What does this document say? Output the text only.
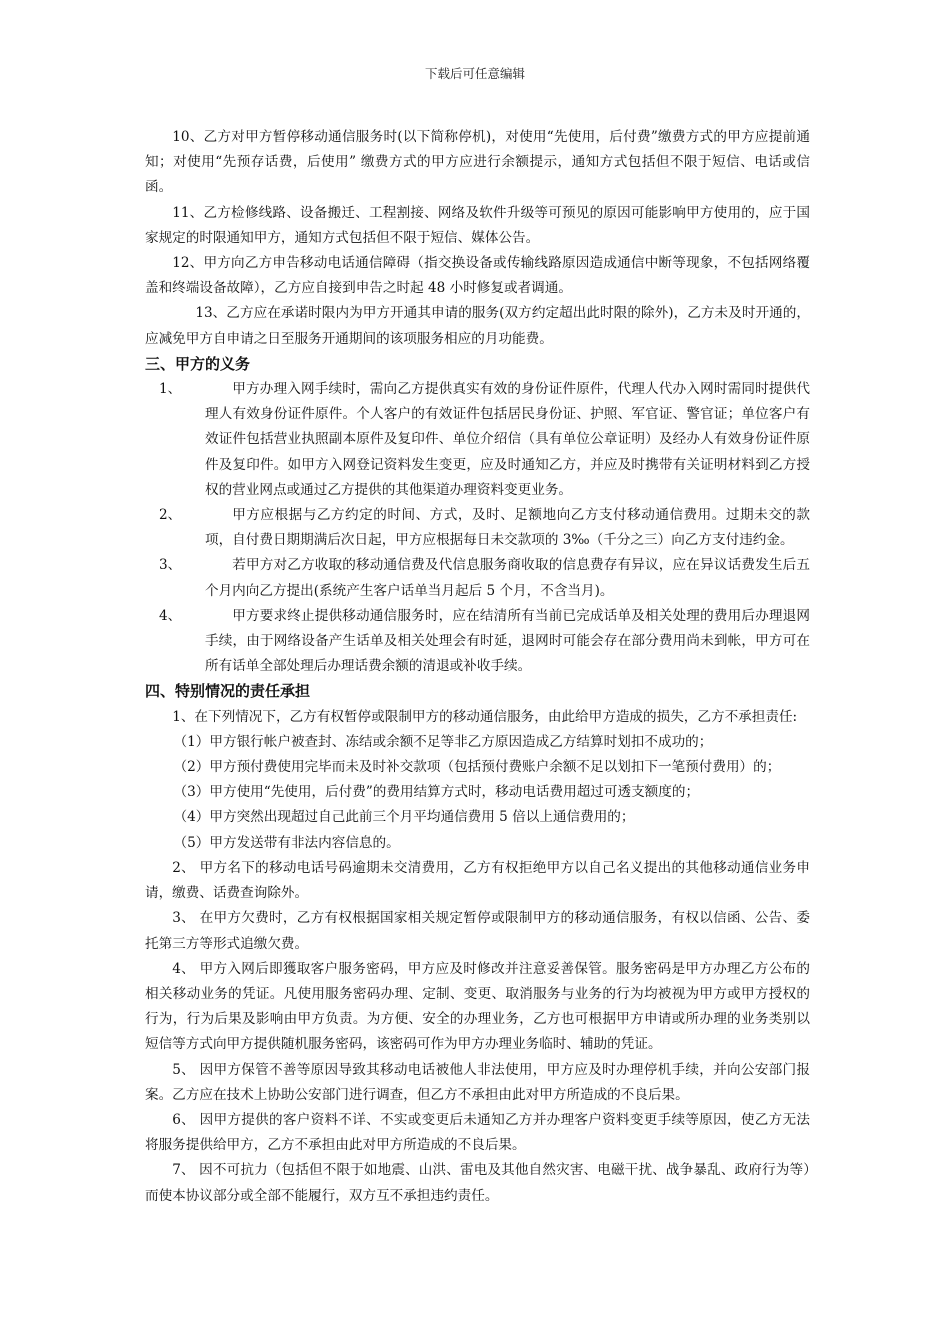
下载后可任意编辑

10、乙方对甲方暂停移动通信服务时(以下简称停机)，对使用“先使用，后付费”缴费方式的甲方应提前通知；对使用“先预存话费，后使用” 缴费方式的甲方应进行余额提示，通知方式包括但不限于短信、电话或信函。

11、乙方检修线路、设备搬迁、工程割接、网络及软件升级等可预见的原因可能影响甲方使用的，应于国家规定的时限通知甲方，通知方式包括但不限于短信、媒体公告。

12、甲方向乙方申告移动电话通信障碍（指交换设备或传输线路原因造成通信中断等现象，不包括网络覆盖和终端设备故障），乙方应自接到申告之时起 48 小时修复或者调通。

13、乙方应在承诺时限内为甲方开通其申请的服务(双方约定超出此时限的除外)，乙方未及时开通的，应减免甲方自申请之日至服务开通期间的该项服务相应的月功能费。

三、甲方的义务
1、	甲方办理入网手续时，需向乙方提供真实有效的身份证件原件，代理人代办入网时需同时提供代理人有效身份证件原件。个人客户的有效证件包括居民身份证、护照、军官证、警官证；单位客户有效证件包括营业执照副本原件及复印件、单位介绍信（具有单位公章证明）及经办人有效身份证件原件及复印件。如甲方入网登记资料发生变更，应及时通知乙方，并应及时携带有关证明材料到乙方授权的营业网点或通过乙方提供的其他渠道办理资料变更业务。
2、	甲方应根据与乙方约定的时间、方式，及时、足额地向乙方支付移动通信费用。过期未交的款项，自付费日期期满后次日起，甲方应根据每日未交款项的 3‰（千分之三）向乙方支付违约金。
3、	若甲方对乙方收取的移动通信费及代信息服务商收取的信息费存有异议，应在异议话费发生后五个月内向乙方提出(系统产生客户话单当月起后 5 个月，不含当月)。
4、	甲方要求终止提供移动通信服务时，应在结清所有当前已完成话单及相关处理的费用后办理退网手续，由于网络设备产生话单及相关处理会有时延，退网时可能会存在部分费用尚未到帐，甲方可在所有话单全部处理后办理话费余额的清退或补收手续。
四、特别情况的责任承担

1、在下列情况下，乙方有权暂停或限制甲方的移动通信服务，由此给甲方造成的损失，乙方不承担责任:

（1）甲方银行帐户被查封、冻结或余额不足等非乙方原因造成乙方结算时划扣不成功的；

（2）甲方预付费使用完毕而未及时补交款项（包括预付费账户余额不足以划扣下一笔预付费用）的；

（3）甲方使用“先使用，后付费”的费用结算方式时，移动电话费用超过可透支额度的；

（4）甲方突然出现超过自己此前三个月平均通信费用 5 倍以上通信费用的；

（5）甲方发送带有非法内容信息的。

2、 甲方名下的移动电话号码逾期未交清费用，乙方有权拒绝甲方以自己名义提出的其他移动通信业务申请，缴费、话费查询除外。

3、 在甲方欠费时，乙方有权根据国家相关规定暂停或限制甲方的移动通信服务，有权以信函、公告、委托第三方等形式追缴欠费。

4、 甲方入网后即獲取客户服务密码，甲方应及时修改并注意妥善保管。服务密码是甲方办理乙方公布的相关移动业务的凭证。凡使用服务密码办理、定制、变更、取消服务与业务的行为均被视为甲方或甲方授权的行为，行为后果及影响由甲方负责。为方便、安全的办理业务，乙方也可根据甲方申请或所办理的业务类别以短信等方式向甲方提供随机服务密码，该密码可作为甲方办理业务临时、辅助的凭证。

5、 因甲方保管不善等原因导致其移动电话被他人非法使用，甲方应及时办理停机手续，并向公安部门报案。乙方应在技术上协助公安部门进行调查，但乙方不承担由此对甲方所造成的不良后果。

6、 因甲方提供的客户资料不详、不实或变更后未通知乙方并办理客户资料变更手续等原因，使乙方无法将服务提供给甲方，乙方不承担由此对甲方所造成的不良后果。

7、 因不可抗力（包括但不限于如地震、山洪、雷电及其他自然灾害、电磁干扰、战争暴乱、政府行为等）而使本协议部分或全部不能履行，双方互不承担违约责任。
